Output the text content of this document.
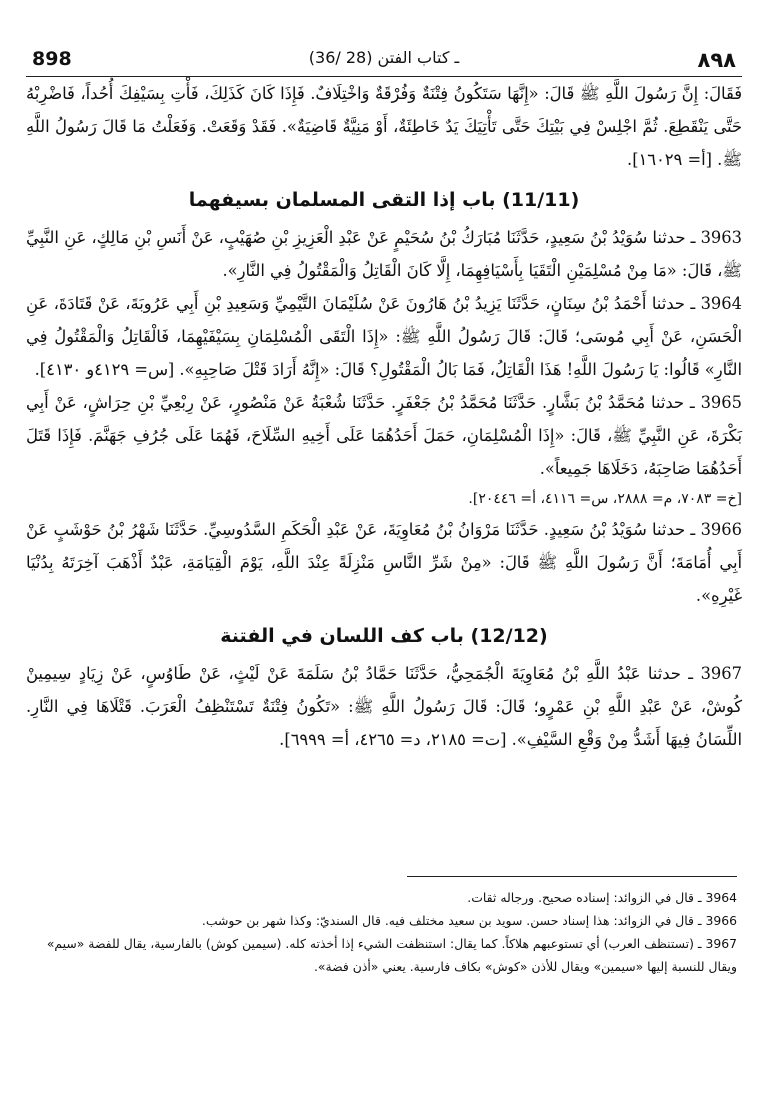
898	(36/ 28) ـ كتاب الفتن	٨٩٨

فَقَالَ: إِنَّ رَسُولَ اللَّهِ ﷺ قَالَ: «إِنَّهَا سَتَكُونُ فِتْنَةٌ وَفُرْقَةٌ وَاخْتِلَافٌ. فَإِذَا كَانَ كَذَلِكَ، فَأْتِ بِسَيْفِكَ أُحُداً، فَاضْرِبْهُ حَتَّى يَنْقَطِعَ. ثُمَّ اجْلِسْ فِي بَيْتِكَ حَتَّى تَأْتِيَكَ يَدٌ خَاطِئَةٌ، أَوْ مَنِيَّةٌ قَاضِيَةٌ». فَقَدْ وَقَعَتْ. وَفَعَلْتُ مَا قَالَ رَسُولُ اللَّهِ ﷺ. [أ= ١٦٠٢٩].

(11/11) باب إذا التقى المسلمان بسيفهما

3963 ـ حدثنا سُوَيْدُ بْنُ سَعِيدٍ، حَدَّثَنَا مُبَارَكُ بْنُ سُحَيْمٍ عَنْ عَبْدِ الْعَزِيزِ بْنِ صُهَيْبٍ، عَنْ أَنَسِ بْنِ مَالِكٍ، عَنِ النَّبِيِّ ﷺ، قَالَ: «مَا مِنْ مُسْلِمَيْنِ الْتَقَيَا بِأَسْيَافِهِمَا، إِلَّا كَانَ الْقَاتِلُ وَالْمَقْتُولُ فِي النَّارِ».

3964 ـ حدثنا أَحْمَدُ بْنُ سِنَانٍ، حَدَّثَنَا يَزِيدُ بْنُ هَارُونَ عَنْ سُلَيْمَانَ التَّيْمِيِّ وَسَعِيدِ بْنِ أَبِي عَرُوبَةَ، عَنْ قَتَادَةَ، عَنِ الْحَسَنِ، عَنْ أَبِي مُوسَى؛ قَالَ: قَالَ رَسُولُ اللَّهِ ﷺ: «إِذَا الْتَقَى الْمُسْلِمَانِ بِسَيْفَيْهِمَا، فَالْقَاتِلُ وَالْمَقْتُولُ فِي النَّارِ» قَالُوا: يَا رَسُولَ اللَّهِ! هَذَا الْقَاتِلُ، فَمَا بَالُ الْمَقْتُولِ؟ قَالَ: «إِنَّهُ أَرَادَ قَتْلَ صَاحِبِهِ». [س= ٤١٢٩و ٤١٣٠].

3965 ـ حدثنا مُحَمَّدُ بْنُ بَشَّارٍ. حَدَّثَنَا مُحَمَّدُ بْنُ جَعْفَرٍ. حَدَّثَنَا شُعْبَةُ عَنْ مَنْصُورٍ، عَنْ رِبْعِيِّ بْنِ حِرَاشٍ، عَنْ أَبِي بَكْرَةَ، عَنِ النَّبِيِّ ﷺ، قَالَ: «إِذَا الْمُسْلِمَانِ، حَمَلَ أَحَدُهُمَا عَلَى أَخِيهِ السِّلَاحَ، فَهُمَا عَلَى جُرُفِ جَهَنَّمَ. فَإِذَا قَتَلَ أَحَدُهُمَا صَاحِبَهُ، دَخَلَاهَا جَمِيعاً».

[خ= ٧٠٨٣، م= ٢٨٨٨، س= ٤١١٦، أ= ٢٠٤٤٦].

3966 ـ حدثنا سُوَيْدُ بْنُ سَعِيدٍ. حَدَّثَنَا مَرْوَانُ بْنُ مُعَاوِيَةَ، عَنْ عَبْدِ الْحَكَمِ السَّدُوسِيِّ. حَدَّثَنَا شَهْرُ بْنُ حَوْشَبٍ عَنْ أَبِي أُمَامَةَ؛ أَنَّ رَسُولَ اللَّهِ ﷺ قَالَ: «مِنْ شَرِّ النَّاسِ مَنْزِلَةً عِنْدَ اللَّهِ، يَوْمَ الْقِيَامَةِ، عَبْدٌ أَذْهَبَ آخِرَتَهُ بِدُنْيَا غَيْرِهِ».

(12/12) باب كف اللسان في الفتنة

3967 ـ حدثنا عَبْدُ اللَّهِ بْنُ مُعَاوِيَةَ الْجُمَحِيُّ، حَدَّثَنَا حَمَّادُ بْنُ سَلَمَةَ عَنْ لَيْثٍ، عَنْ طَاوُسٍ، عَنْ زِيَادٍ سِيمِينْ كُوشْ، عَنْ عَبْدِ اللَّهِ بْنِ عَمْرٍو؛ قَالَ: قَالَ رَسُولُ اللَّهِ ﷺ: «تَكُونُ فِتْنَةٌ تَسْتَنْظِفُ الْعَرَبَ. قَتْلَاهَا فِي النَّارِ. اللِّسَانُ فِيهَا أَشَدُّ مِنْ وَقْعِ السَّيْفِ». [ت= ٢١٨٥، د= ٤٢٦٥، أ= ٦٩٩٩].

3964 ـ قال في الزوائد: إسناده صحيح. ورجاله ثقات.

3966 ـ قال في الزوائد: هذا إسناد حسن. سويد بن سعيد مختلف فيه. قال السنديّ: وكذا شهر بن حوشب.

3967 ـ (تستنظف العرب) أي تستوعبهم هلاكاً. كما يقال: استنظفت الشيء إذا أخذته كله. (سيمين كوش) بالفارسية، يقال للفضة «سيم» ويقال للنسبة إليها «سيمين» ويقال للأذن «كوش» بكاف فارسية. يعني «أذن فضة».
